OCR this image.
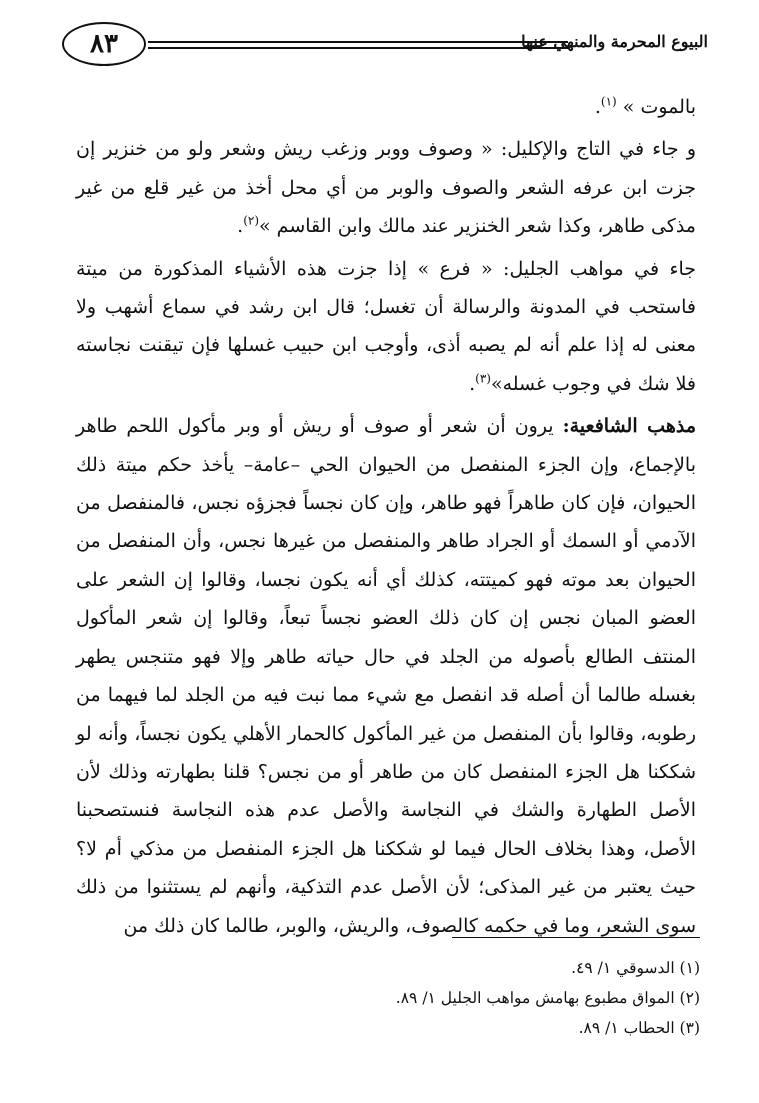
٨٣	البيوع المحرمة والمنهي عنها

بالموت » $^{(١)}$.

و جاء في التاج والإكليل: « وصوف ووبر وزغب ريش وشعر ولو من خنزير إن جزت ابن عرفه الشعر والصوف والوبر من أي محل أخذ من غير قلع من غير مذكى طاهر، وكذا شعر الخنزير عند مالك وابن القاسم »$^{(٢)}$.

جاء في مواهب الجليل: « فرع » إذا جزت هذه الأشياء المذكورة من ميتة فاستحب في المدونة والرسالة أن تغسل؛ قال ابن رشد في سماع أشهب ولا معنى له إذا علم أنه لم يصبه أذى، وأوجب ابن حبيب غسلها فإن تيقنت نجاسته فلا شك في وجوب غسله»$^{(٣)}$.

مذهب الشافعية: يرون أن شعر أو صوف أو ريش أو وبر مأكول اللحم طاهر بالإجماع، وإن الجزء المنفصل من الحيوان الحي –عامة– يأخذ حكم ميتة ذلك الحيوان، فإن كان طاهراً فهو طاهر، وإن كان نجساً فجزؤه نجس، فالمنفصل من الآدمي أو السمك أو الجراد طاهر والمنفصل من غيرها نجس، وأن المنفصل من الحيوان بعد موته فهو كميتته، كذلك أي أنه يكون نجسا، وقالوا إن الشعر على العضو المبان نجس إن كان ذلك العضو نجساً تبعاً، وقالوا إن شعر المأكول المنتف الطالع بأصوله من الجلد في حال حياته طاهر وإلا فهو متنجس يطهر بغسله طالما أن أصله قد انفصل مع شيء مما نبت فيه من الجلد لما فيهما من رطوبه، وقالوا بأن المنفصل من غير المأكول كالحمار الأهلي يكون نجساً، وأنه لو شككنا هل الجزء المنفصل كان من طاهر أو من نجس؟ قلنا بطهارته وذلك لأن الأصل الطهارة والشك في النجاسة والأصل عدم هذه النجاسة فنستصحبنا الأصل، وهذا بخلاف الحال فيما لو شككنا هل الجزء المنفصل من مذكي أم لا؟ حيث يعتبر من غير المذكى؛ لأن الأصل عدم التذكية، وأنهم لم يستثنوا من ذلك سوى الشعر، وما في حكمه كالصوف، والريش، والوبر، طالما كان ذلك من

(١) الدسوقي ١/ ٤٩.
(٢) المواق مطبوع بهامش مواهب الجليل ١/ ٨٩.
(٣) الحطاب ١/ ٨٩.
